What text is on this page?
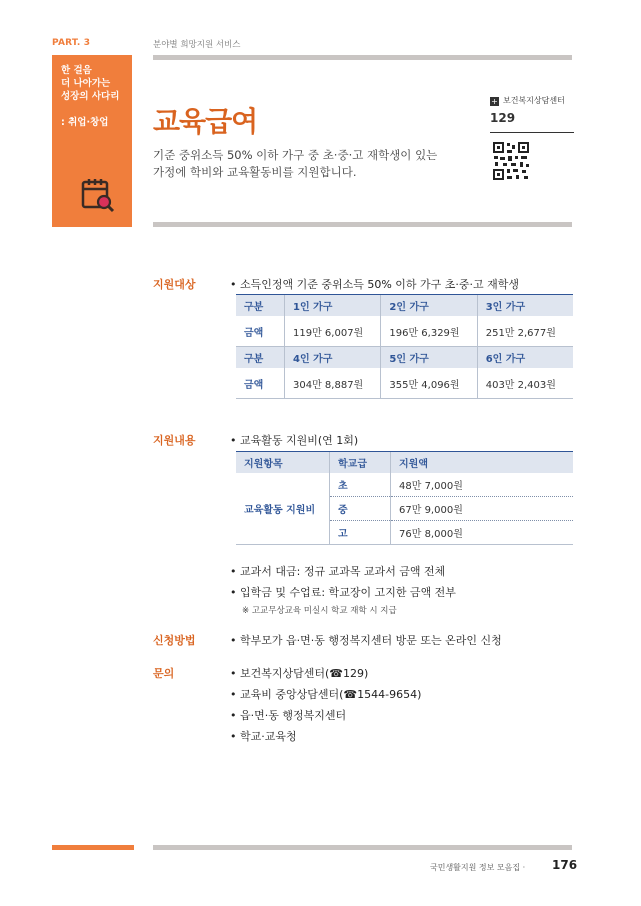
PART. 3	분야별 희망지원 서비스
한 걸음
더 나아가는
성장의 사다리
: 취업·창업 교육급여
기준 중위소득 50% 이하 가구 중 초·중·고 재학생이 있는
가정에 학비와 교육활동비를 지원합니다.
+ 보건복지상담센터
129
지원대상	• 소득인정액 기준 중위소득 50% 이하 가구 초·중·고 재학생
구분	1인 가구	2인 가구	3인 가구
금액	119만 6,007원	196만 6,329원	251만 2,677원
구분	4인 가구	5인 가구	6인 가구
금액	304만 8,887원	355만 4,096원	403만 2,403원
지원내용	• 교육활동 지원비(연 1회)
지원항목	학교급	지원액
교육활동 지원비	초	48만 7,000원
	중	67만 9,000원
	고	76만 8,000원
• 교과서 대금: 정규 교과목 교과서 금액 전체
• 입학금 및 수업료: 학교장이 고지한 금액 전부
※ 고교무상교육 미실시 학교 재학 시 지급
신청방법	• 학부모가 읍·면·동 행정복지센터 방문 또는 온라인 신청
문의	• 보건복지상담센터(☎129)
• 교육비 중앙상담센터(☎1544-9654)
• 읍·면·동 행정복지센터
• 학교·교육청
국민생활지원 정보 모음집 · 176
